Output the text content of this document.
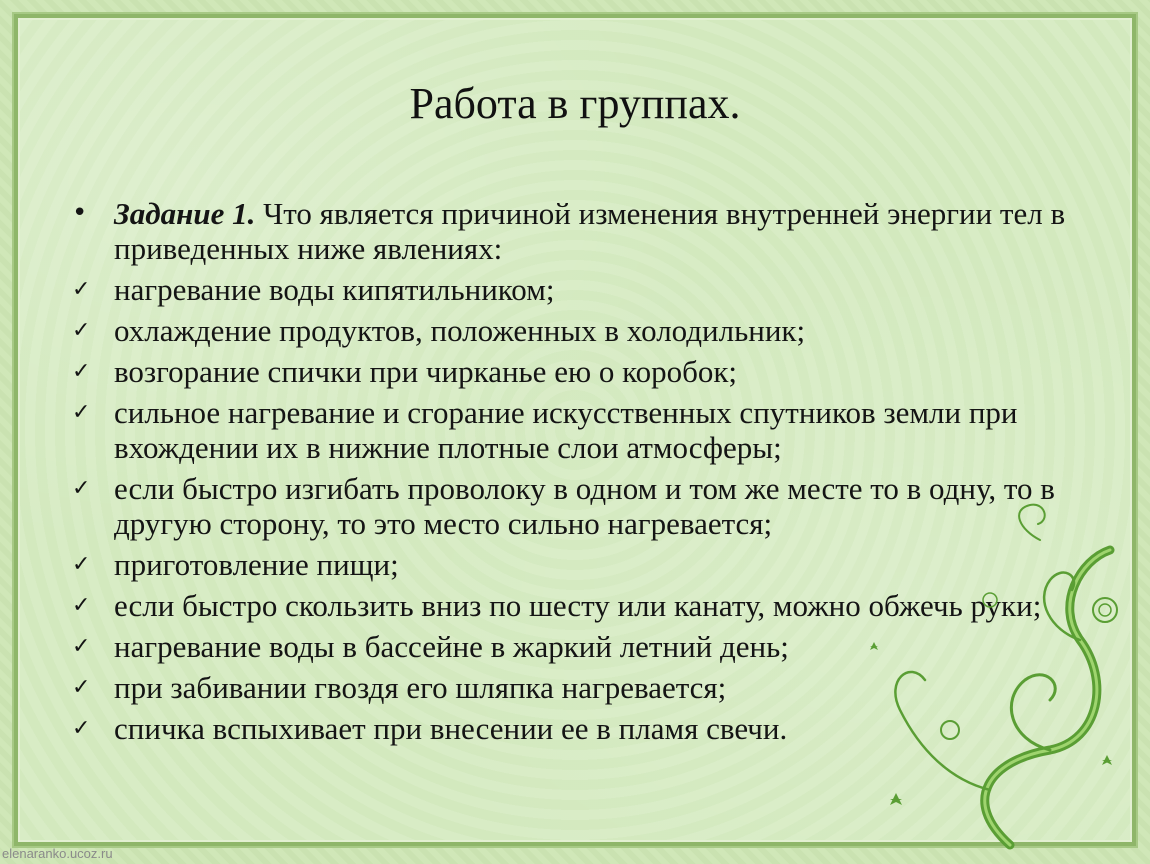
Работа в группах.
• Задание 1. Что является причиной изменения внутренней энергии тел в приведенных ниже явлениях:
✓ нагревание воды кипятильником;
✓ охлаждение продуктов, положенных в холодильник;
✓ возгорание спички при чирканье ею о коробок;
✓ сильное нагревание и сгорание искусственных спутников земли при вхождении их в нижние плотные слои атмосферы;
✓ если быстро изгибать проволоку в одном и том же месте то в одну, то в другую сторону, то это место сильно нагревается;
✓ приготовление пищи;
✓ если быстро скользить вниз по шесту или канату, можно обжечь руки;
✓ нагревание воды в бассейне в жаркий летний день;
✓ при забивании гвоздя его шляпка нагревается;
✓ спичка вспыхивает при внесении ее в пламя свечи.
elenaranko.ucoz.ru
